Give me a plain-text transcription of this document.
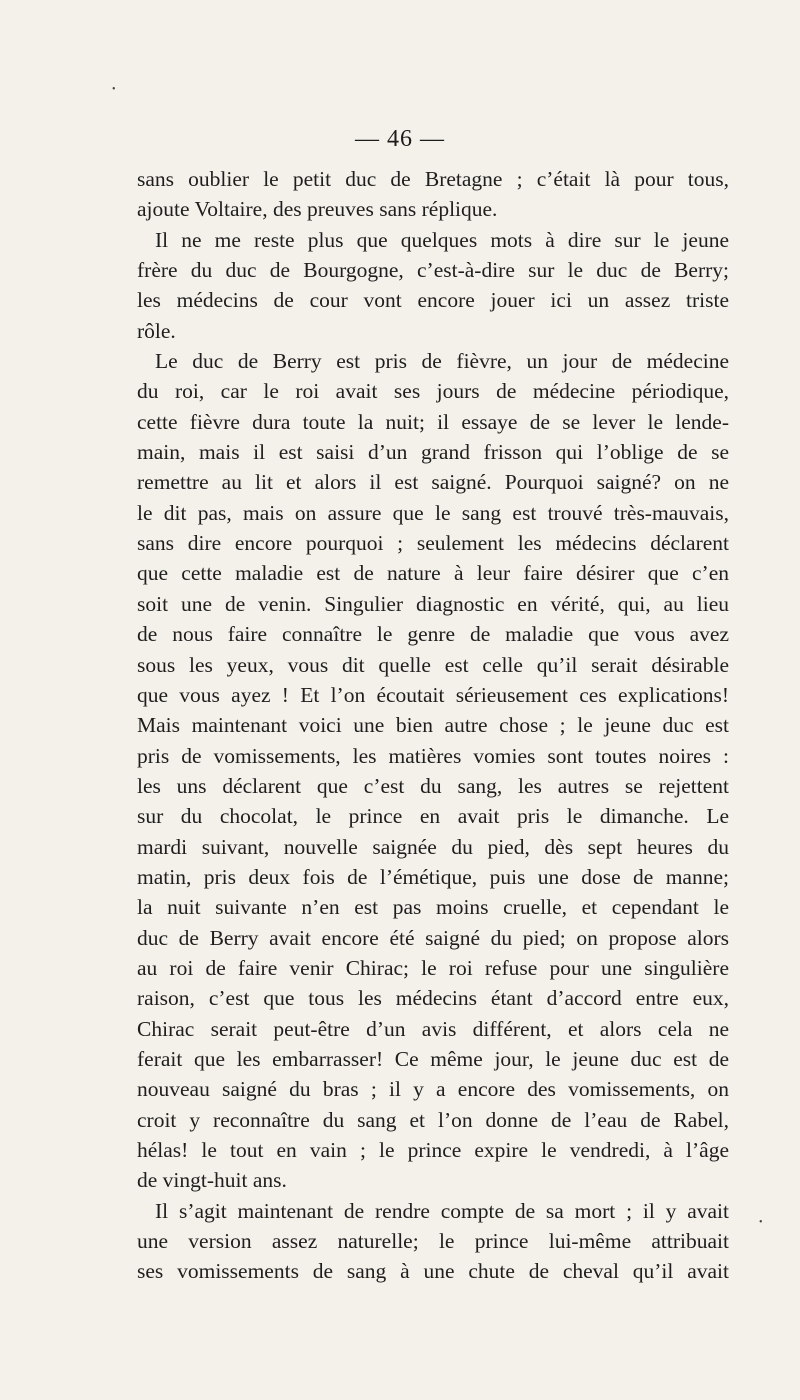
•
— 46 —
sans oublier le petit duc de Bretagne ; c’était là pour tous,
ajoute Voltaire, des preuves sans réplique.
Il ne me reste plus que quelques mots à dire sur le jeune
frère du duc de Bourgogne, c’est-à-dire sur le duc de Berry;
les médecins de cour vont encore jouer ici un assez triste
rôle.
Le duc de Berry est pris de fièvre, un jour de médecine
du roi, car le roi avait ses jours de médecine périodique,
cette fièvre dura toute la nuit; il essaye de se lever le lende-
main, mais il est saisi d’un grand frisson qui l’oblige de se
remettre au lit et alors il est saigné. Pourquoi saigné? on ne
le dit pas, mais on assure que le sang est trouvé très-mauvais,
sans dire encore pourquoi ; seulement les médecins déclarent
que cette maladie est de nature à leur faire désirer que c’en
soit une de venin. Singulier diagnostic en vérité, qui, au lieu
de nous faire connaître le genre de maladie que vous avez
sous les yeux, vous dit quelle est celle qu’il serait désirable
que vous ayez ! Et l’on écoutait sérieusement ces explications!
Mais maintenant voici une bien autre chose ; le jeune duc est
pris de vomissements, les matières vomies sont toutes noires :
les uns déclarent que c’est du sang, les autres se rejettent
sur du chocolat, le prince en avait pris le dimanche. Le
mardi suivant, nouvelle saignée du pied, dès sept heures du
matin, pris deux fois de l’émétique, puis une dose de manne;
la nuit suivante n’en est pas moins cruelle, et cependant le
duc de Berry avait encore été saigné du pied; on propose alors
au roi de faire venir Chirac; le roi refuse pour une singulière
raison, c’est que tous les médecins étant d’accord entre eux,
Chirac serait peut-être d’un avis différent, et alors cela ne
ferait que les embarrasser! Ce même jour, le jeune duc est de
nouveau saigné du bras ; il y a encore des vomissements, on
croit y reconnaître du sang et l’on donne de l’eau de Rabel,
hélas! le tout en vain ; le prince expire le vendredi, à l’âge
de vingt-huit ans.
Il s’agit maintenant de rendre compte de sa mort ; il y avait
une version assez naturelle; le prince lui-même attribuait
ses vomissements de sang à une chute de cheval qu’il avait
•
